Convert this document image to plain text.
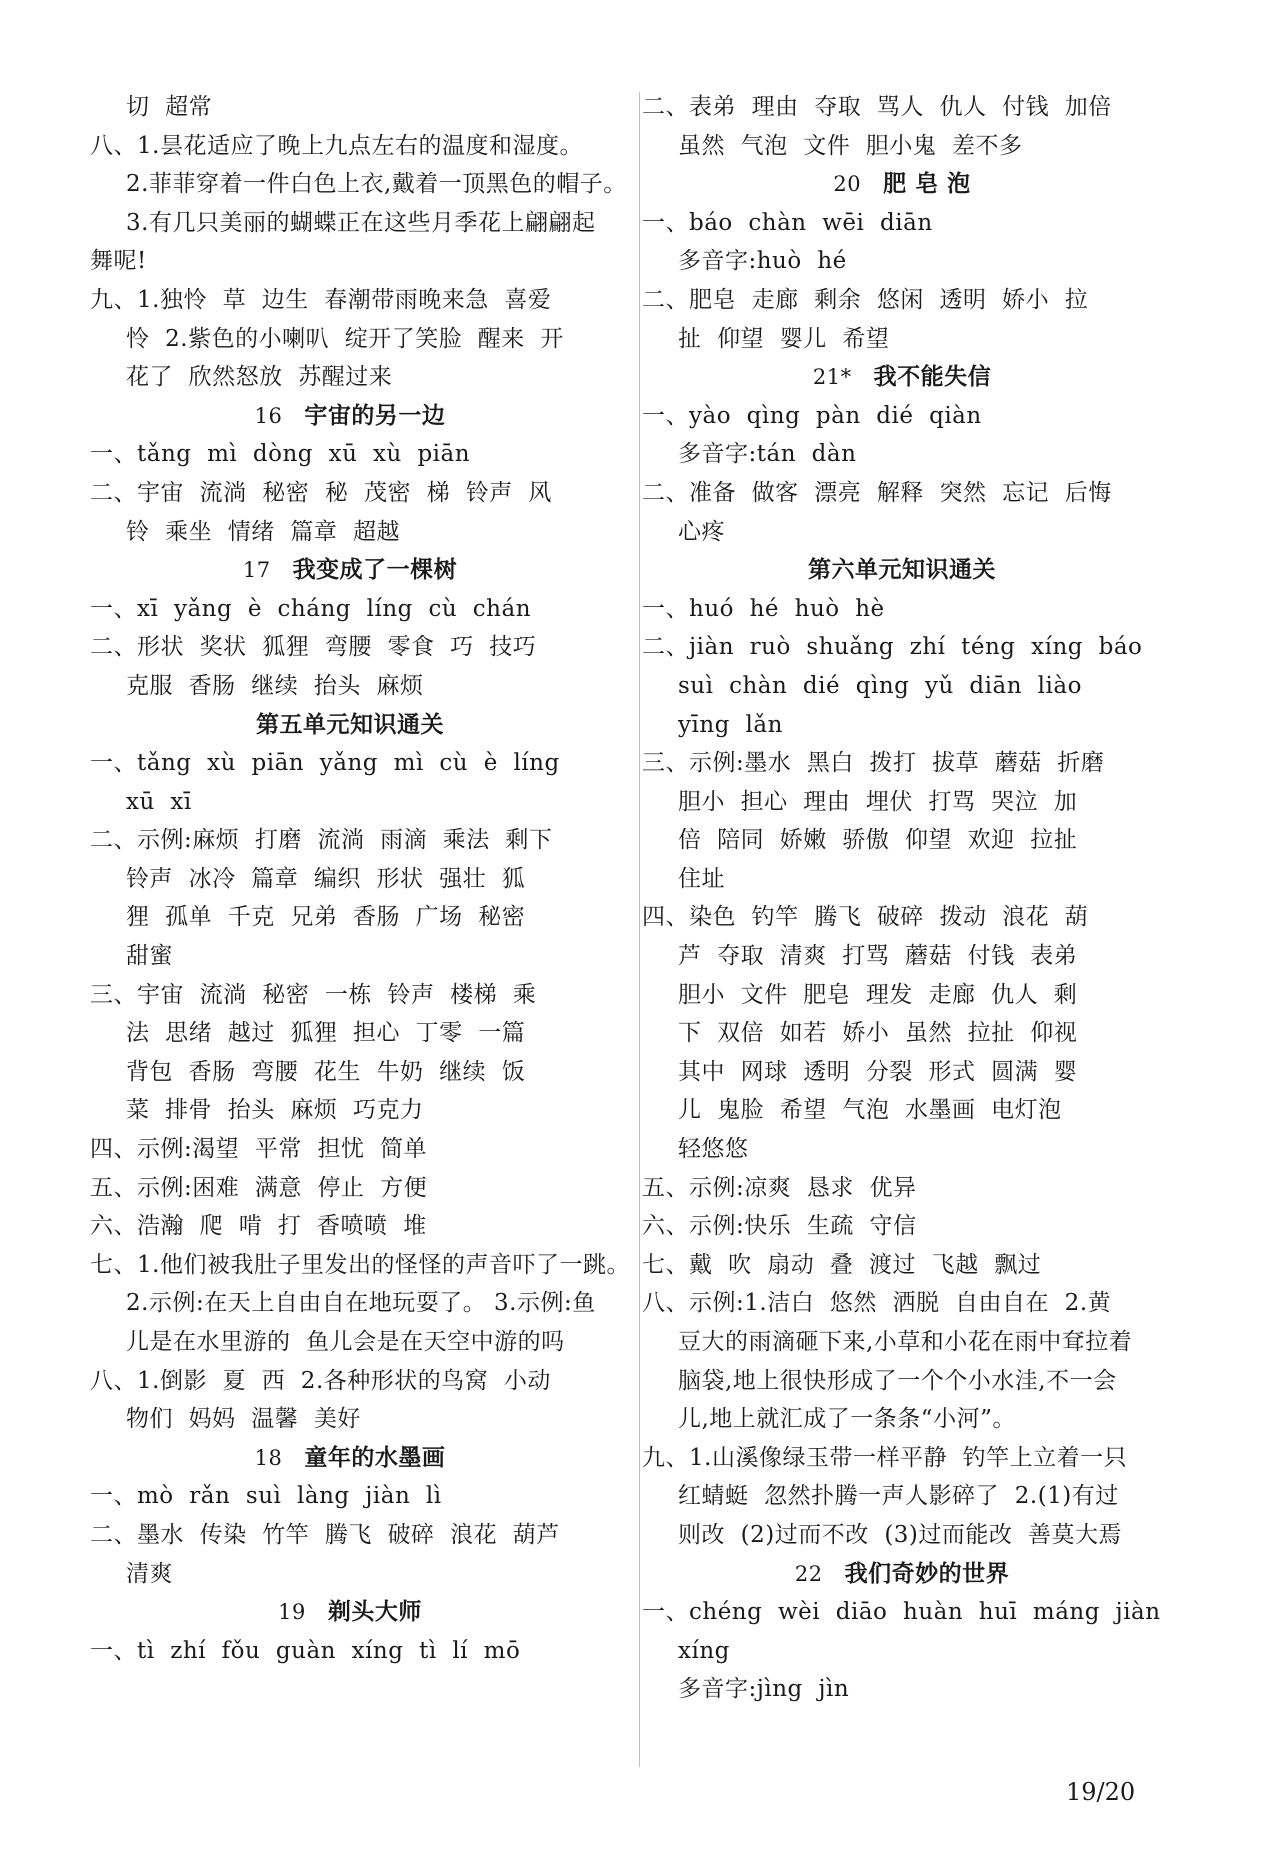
切  超常
八、1.昙花适应了晚上九点左右的温度和湿度。
2.菲菲穿着一件白色上衣,戴着一顶黑色的帽子。
3.有几只美丽的蝴蝶正在这些月季花上翩翩起
舞呢!
九、1.独怜  草  边生  春潮带雨晚来急  喜爱
怜  2.紫色的小喇叭  绽开了笑脸  醒来  开
花了  欣然怒放  苏醒过来
16 宇宙的另一边
一、tǎng  mì  dòng  xū  xù  piān
二、宇宙  流淌  秘密  秘  茂密  梯  铃声  风
铃  乘坐  情绪  篇章  超越
17 我变成了一棵树
一、xī  yǎng  è  cháng  líng  cù  chán
二、形状  奖状  狐狸  弯腰  零食  巧  技巧
克服  香肠  继续  抬头  麻烦
第五单元知识通关
一、tǎng  xù  piān  yǎng  mì  cù  è  líng
xū  xī
二、示例:麻烦  打磨  流淌  雨滴  乘法  剩下
铃声  冰冷  篇章  编织  形状  强壮  狐
狸  孤单  千克  兄弟  香肠  广场  秘密
甜蜜
三、宇宙  流淌  秘密  一栋  铃声  楼梯  乘
法  思绪  越过  狐狸  担心  丁零  一篇
背包  香肠  弯腰  花生  牛奶  继续  饭
菜  排骨  抬头  麻烦  巧克力
四、示例:渴望  平常  担忧  简单
五、示例:困难  满意  停止  方便
六、浩瀚  爬  啃  打  香喷喷  堆
七、1.他们被我肚子里发出的怪怪的声音吓了一跳。
2.示例:在天上自由自在地玩耍了。 3.示例:鱼
儿是在水里游的  鱼儿会是在天空中游的吗
八、1.倒影  夏  西  2.各种形状的鸟窝  小动
物们  妈妈  温馨  美好
18 童年的水墨画
一、mò  rǎn  suì  làng  jiàn  lì
二、墨水  传染  竹竿  腾飞  破碎  浪花  葫芦
清爽
19 剃头大师
一、tì  zhí  fǒu  guàn  xíng  tì  lí  mō
二、表弟  理由  夺取  骂人  仇人  付钱  加倍
虽然  气泡  文件  胆小鬼  差不多
20 肥 皂 泡
一、báo  chàn  wēi  diān
多音字:huò  hé
二、肥皂  走廊  剩余  悠闲  透明  娇小  拉
扯  仰望  婴儿  希望
21* 我不能失信
一、yào  qìng  pàn  dié  qiàn
多音字:tán  dàn
二、准备  做客  漂亮  解释  突然  忘记  后悔
心疼
第六单元知识通关
一、huó  hé  huò  hè
二、jiàn  ruò  shuǎng  zhí  téng  xíng  báo
suì  chàn  dié  qìng  yǔ  diān  liào
yīng  lǎn
三、示例:墨水  黑白  拨打  拔草  蘑菇  折磨
胆小  担心  理由  埋伏  打骂  哭泣  加
倍  陪同  娇嫩  骄傲  仰望  欢迎  拉扯
住址
四、染色  钓竿  腾飞  破碎  拨动  浪花  葫
芦  夺取  清爽  打骂  蘑菇  付钱  表弟
胆小  文件  肥皂  理发  走廊  仇人  剩
下  双倍  如若  娇小  虽然  拉扯  仰视
其中  网球  透明  分裂  形式  圆满  婴
儿  鬼脸  希望  气泡  水墨画  电灯泡
轻悠悠
五、示例:凉爽  恳求  优异
六、示例:快乐  生疏  守信
七、戴  吹  扇动  叠  渡过  飞越  飘过
八、示例:1.洁白  悠然  洒脱  自由自在  2.黄
豆大的雨滴砸下来,小草和小花在雨中耷拉着
脑袋,地上很快形成了一个个小水洼,不一会
儿,地上就汇成了一条条“小河”。
九、1.山溪像绿玉带一样平静  钓竿上立着一只
红蜻蜓  忽然扑腾一声人影碎了  2.(1)有过
则改  (2)过而不改  (3)过而能改  善莫大焉
22 我们奇妙的世界
一、chéng  wèi  diāo  huàn  huī  máng  jiàn
xíng
多音字:jìng  jìn
19/20
